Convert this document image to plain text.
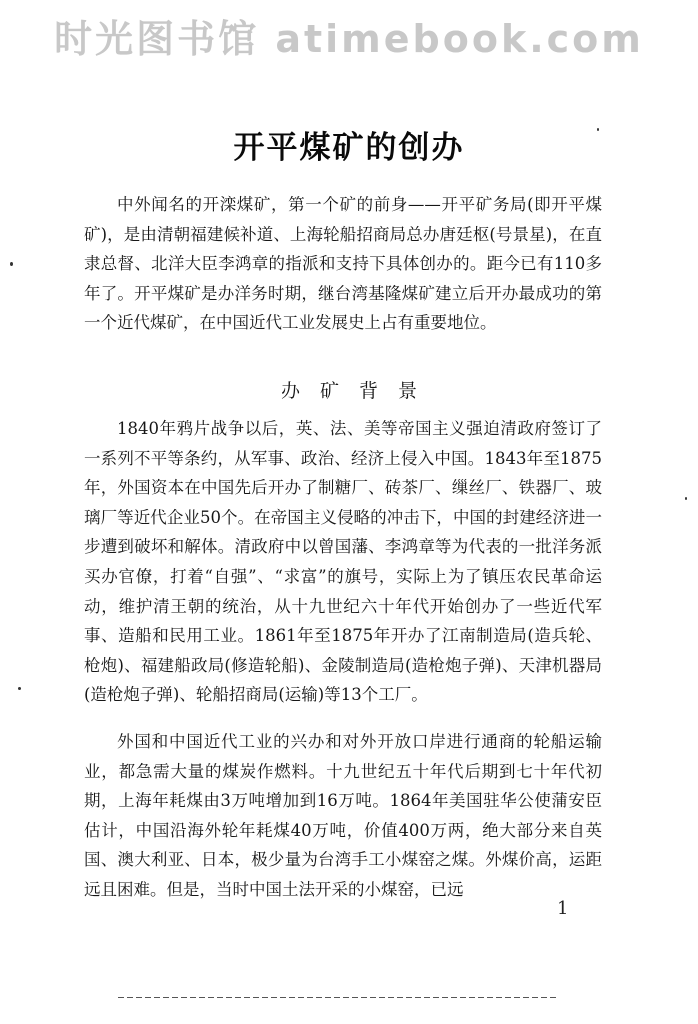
时光图书馆 atimebook.com
开平煤矿的创办

中外闻名的开滦煤矿，第一个矿的前身——开平矿务局(即开平煤矿)，是由清朝福建候补道、上海轮船招商局总办唐廷枢(号景星)，在直隶总督、北洋大臣李鸿章的指派和支持下具体创办的。距今已有110多年了。开平煤矿是办洋务时期，继台湾基隆煤矿建立后开办最成功的第一个近代煤矿，在中国近代工业发展史上占有重要地位。

办矿背景

1840年鸦片战争以后，英、法、美等帝国主义强迫清政府签订了一系列不平等条约，从军事、政治、经济上侵入中国。1843年至1875年，外国资本在中国先后开办了制糖厂、砖茶厂、缫丝厂、铁器厂、玻璃厂等近代企业50个。在帝国主义侵略的冲击下，中国的封建经济进一步遭到破坏和解体。清政府中以曾国藩、李鸿章等为代表的一批洋务派买办官僚，打着“自强”、“求富”的旗号，实际上为了镇压农民革命运动，维护清王朝的统治，从十九世纪六十年代开始创办了一些近代军事、造船和民用工业。1861年至1875年开办了江南制造局(造兵轮、枪炮)、福建船政局(修造轮船)、金陵制造局(造枪炮子弹)、天津机器局(造枪炮子弹)、轮船招商局(运输)等13个工厂。

外国和中国近代工业的兴办和对外开放口岸进行通商的轮船运输业，都急需大量的煤炭作燃料。十九世纪五十年代后期到七十年代初期，上海年耗煤由3万吨增加到16万吨。1864年美国驻华公使蒲安臣估计，中国沿海外轮年耗煤40万吨，价值400万两，绝大部分来自英国、澳大利亚、日本，极少量为台湾手工小煤窑之煤。外煤价高，运距远且困难。但是，当时中国土法开采的小煤窑，已远

1
